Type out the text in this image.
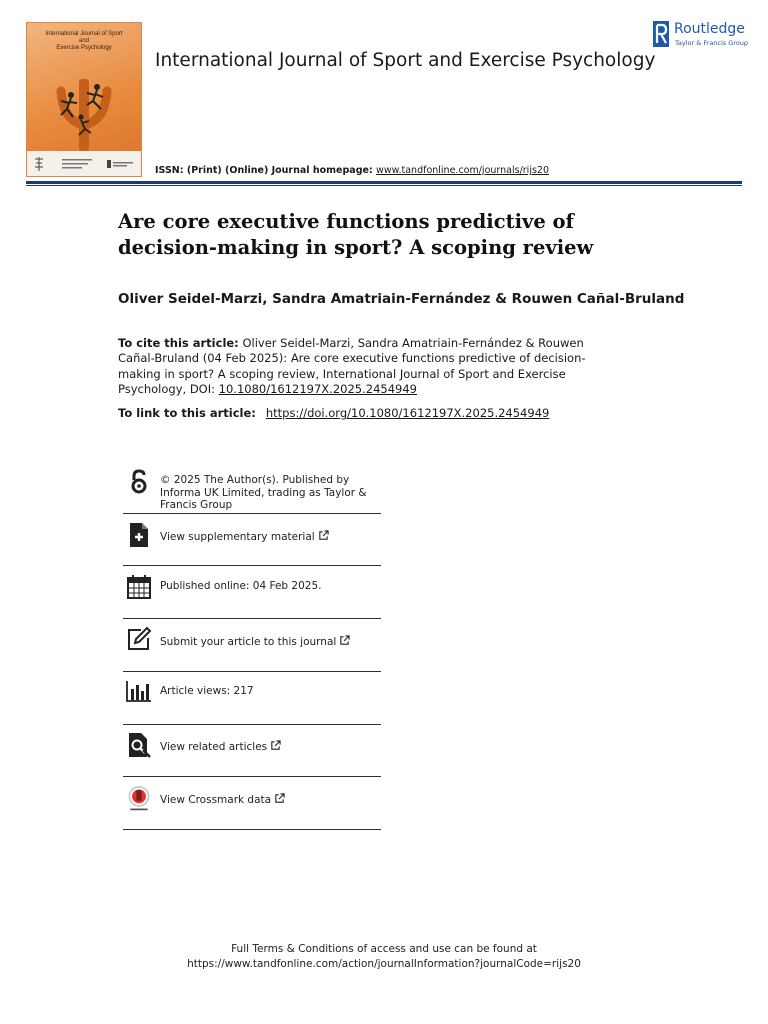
International Journal of Sport
and
Exercise Psychology
International Journal of Sport and Exercise Psychology
Routledge
Taylor & Francis Group
ISSN: (Print) (Online) Journal homepage: www.tandfonline.com/journals/rijs20
Are core executive functions predictive of decision-making in sport? A scoping review
Oliver Seidel-Marzi, Sandra Amatriain-Fernández & Rouwen Cañal-Bruland
To cite this article: Oliver Seidel-Marzi, Sandra Amatriain-Fernández & Rouwen Cañal-Bruland (04 Feb 2025): Are core executive functions predictive of decision-making in sport? A scoping review, International Journal of Sport and Exercise Psychology, DOI: 10.1080/1612197X.2025.2454949
To link to this article: https://doi.org/10.1080/1612197X.2025.2454949
© 2025 The Author(s). Published by Informa UK Limited, trading as Taylor & Francis Group
View supplementary material
Published online: 04 Feb 2025.
Submit your article to this journal
Article views: 217
View related articles
View Crossmark data
Full Terms & Conditions of access and use can be found at
https://www.tandfonline.com/action/journalInformation?journalCode=rijs20
